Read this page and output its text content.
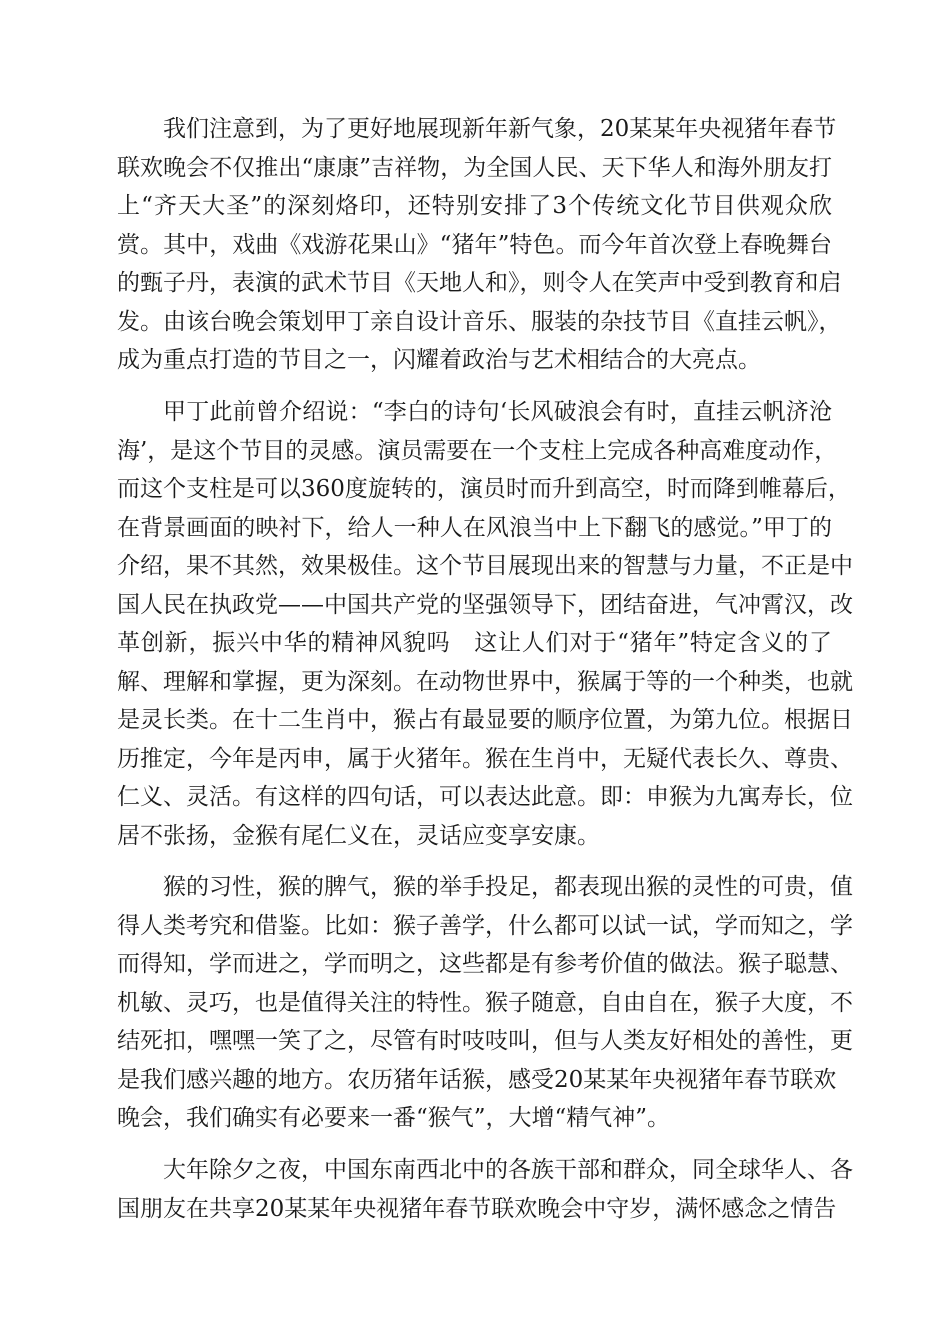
我们注意到，为了更好地展现新年新气象，20某某年央视猪年春节
联欢晚会不仅推出“康康”吉祥物，为全国人民、天下华人和海外朋友打
上“齐天大圣”的深刻烙印，还特别安排了3个传统文化节目供观众欣
赏。其中，戏曲《戏游花果山》“猪年”特色。而今年首次登上春晚舞台
的甄子丹，表演的武术节目《天地人和》，则令人在笑声中受到教育和启
发。由该台晚会策划甲丁亲自设计音乐、服装的杂技节目《直挂云帆》，
成为重点打造的节目之一，闪耀着政治与艺术相结合的大亮点。
甲丁此前曾介绍说：“李白的诗句‘长风破浪会有时，直挂云帆济沧
海’，是这个节目的灵感。演员需要在一个支柱上完成各种高难度动作，
而这个支柱是可以360度旋转的，演员时而升到高空，时而降到帷幕后，
在背景画面的映衬下，给人一种人在风浪当中上下翻飞的感觉。”甲丁的
介绍，果不其然，效果极佳。这个节目展现出来的智慧与力量，不正是中
国人民在执政党——中国共产党的坚强领导下，团结奋进，气冲霄汉，改
革创新，振兴中华的精神风貌吗　这让人们对于“猪年”特定含义的了
解、理解和掌握，更为深刻。在动物世界中，猴属于等的一个种类，也就
是灵长类。在十二生肖中，猴占有最显要的顺序位置，为第九位。根据日
历推定，今年是丙申，属于火猪年。猴在生肖中，无疑代表长久、尊贵、
仁义、灵活。有这样的四句话，可以表达此意。即：申猴为九寓寿长，位
居不张扬，金猴有尾仁义在，灵话应变享安康。
猴的习性，猴的脾气，猴的举手投足，都表现出猴的灵性的可贵，值
得人类考究和借鉴。比如：猴子善学，什么都可以试一试，学而知之，学
而得知，学而进之，学而明之，这些都是有参考价值的做法。猴子聪慧、
机敏、灵巧，也是值得关注的特性。猴子随意，自由自在，猴子大度，不
结死扣，嘿嘿一笑了之，尽管有时吱吱叫，但与人类友好相处的善性，更
是我们感兴趣的地方。农历猪年话猴，感受20某某年央视猪年春节联欢
晚会，我们确实有必要来一番“猴气”，大增“精气神”。
大年除夕之夜，中国东南西北中的各族干部和群众，同全球华人、各
国朋友在共享20某某年央视猪年春节联欢晚会中守岁，满怀感念之情告
